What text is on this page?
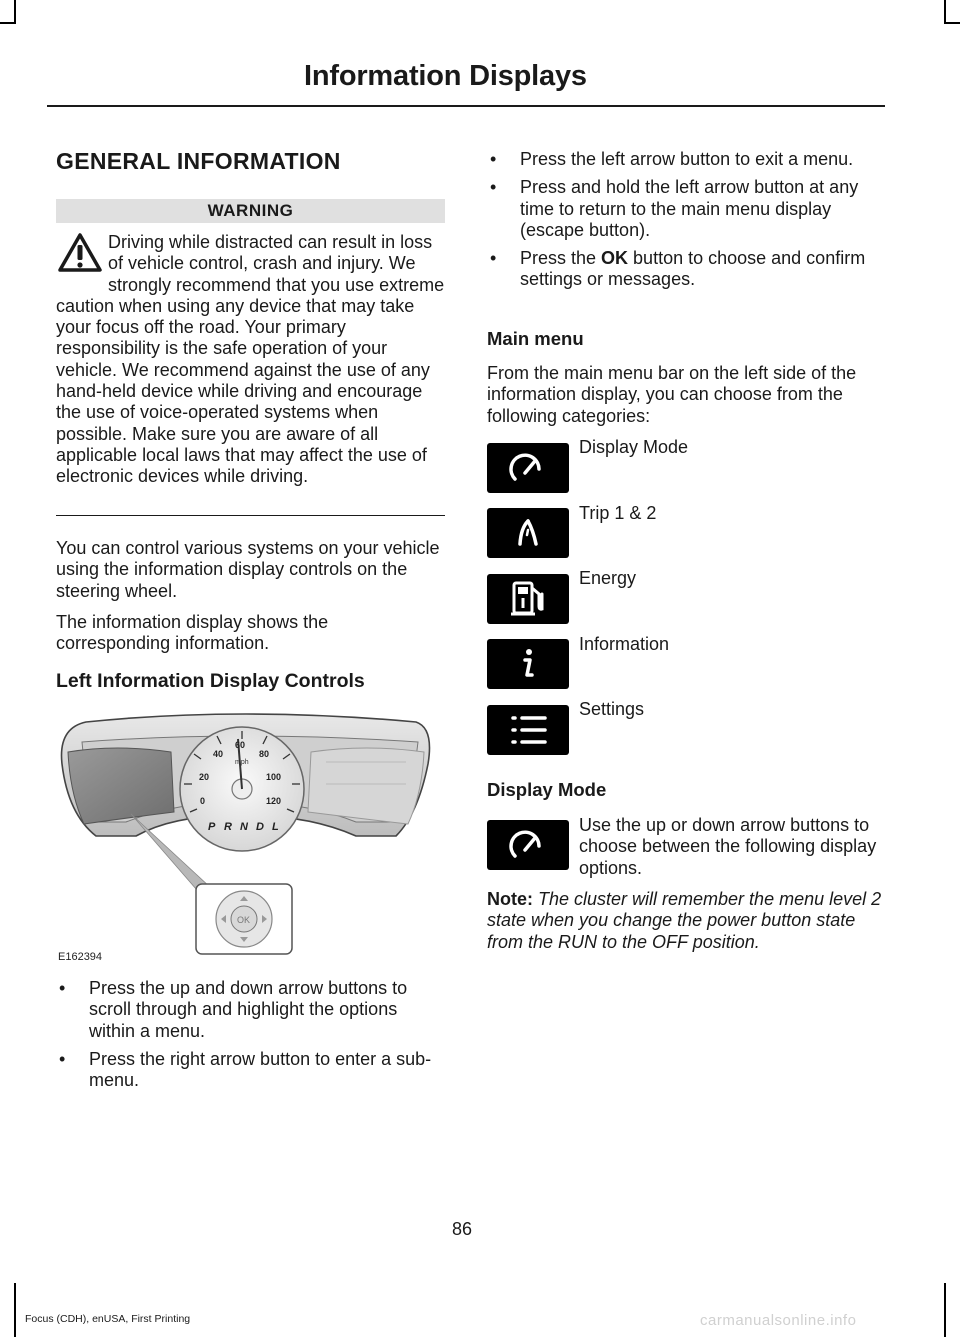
Information Displays
GENERAL INFORMATION
WARNING
Driving while distracted can result in loss of vehicle control, crash and injury. We strongly recommend that you use extreme caution when using any device that may take your focus off the road. Your primary responsibility is the safe operation of your vehicle. We recommend against the use of any hand-held device while driving and encourage the use of voice-operated systems when possible. Make sure you are aware of all applicable local laws that may affect the use of electronic devices while driving.
You can control various systems on your vehicle using the information display controls on the steering wheel.
The information display shows the corresponding information.
Left Information Display Controls
0
20
40
60
80
100
120
mph
P R N D L
OK
E162394
• Press the up and down arrow buttons to scroll through and highlight the options within a menu.
• Press the right arrow button to enter a sub-menu.
• Press the left arrow button to exit a menu.
• Press and hold the left arrow button at any time to return to the main menu display (escape button).
• Press the OK button to choose and confirm settings or messages.
Main menu
From the main menu bar on the left side of the information display, you can choose from the following categories:
Display Mode
Trip 1 & 2
Energy
Information
Settings
Display Mode
Use the up or down arrow buttons to choose between the following display options.
Note: The cluster will remember the menu level 2 state when you change the power button state from the RUN to the OFF position.
86
Focus (CDH), enUSA, First Printing	carmanualsonline.info
